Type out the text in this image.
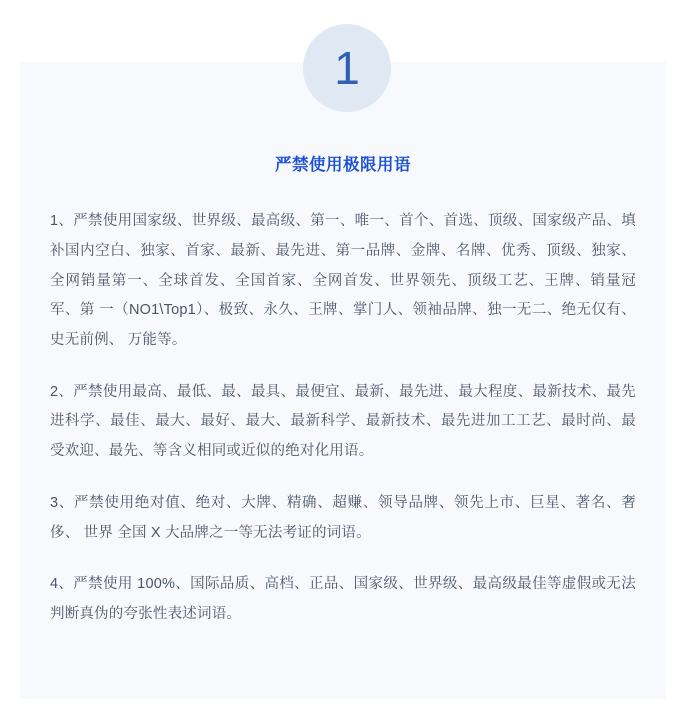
严禁使用极限用语

1、严禁使用国家级、世界级、最高级、第一、唯一、首个、首选、顶级、国家级产品、填补国内空白、独家、首家、最新、最先进、第一品牌、金牌、名牌、优秀、顶级、独家、全网销量第一、全球首发、全国首家、全网首发、世界领先、顶级工艺、王牌、销量冠军、第 一（NO1\Top1）、极致、永久、王牌、掌门人、领袖品牌、独一无二、绝无仅有、史无前例、 万能等。

2、严禁使用最高、最低、最、最具、最便宜、最新、最先进、最大程度、最新技术、最先进科学、最佳、最大、最好、最大、最新科学、最新技术、最先进加工工艺、最时尚、最受欢迎、最先、等含义相同或近似的绝对化用语。

3、严禁使用绝对值、绝对、大牌、精确、超赚、领导品牌、领先上市、巨星、著名、奢侈、 世界 全国 X 大品牌之一等无法考证的词语。

4、严禁使用 100%、国际品质、高档、正品、国家级、世界级、最高级最佳等虚假或无法判断真伪的夸张性表述词语。

1
